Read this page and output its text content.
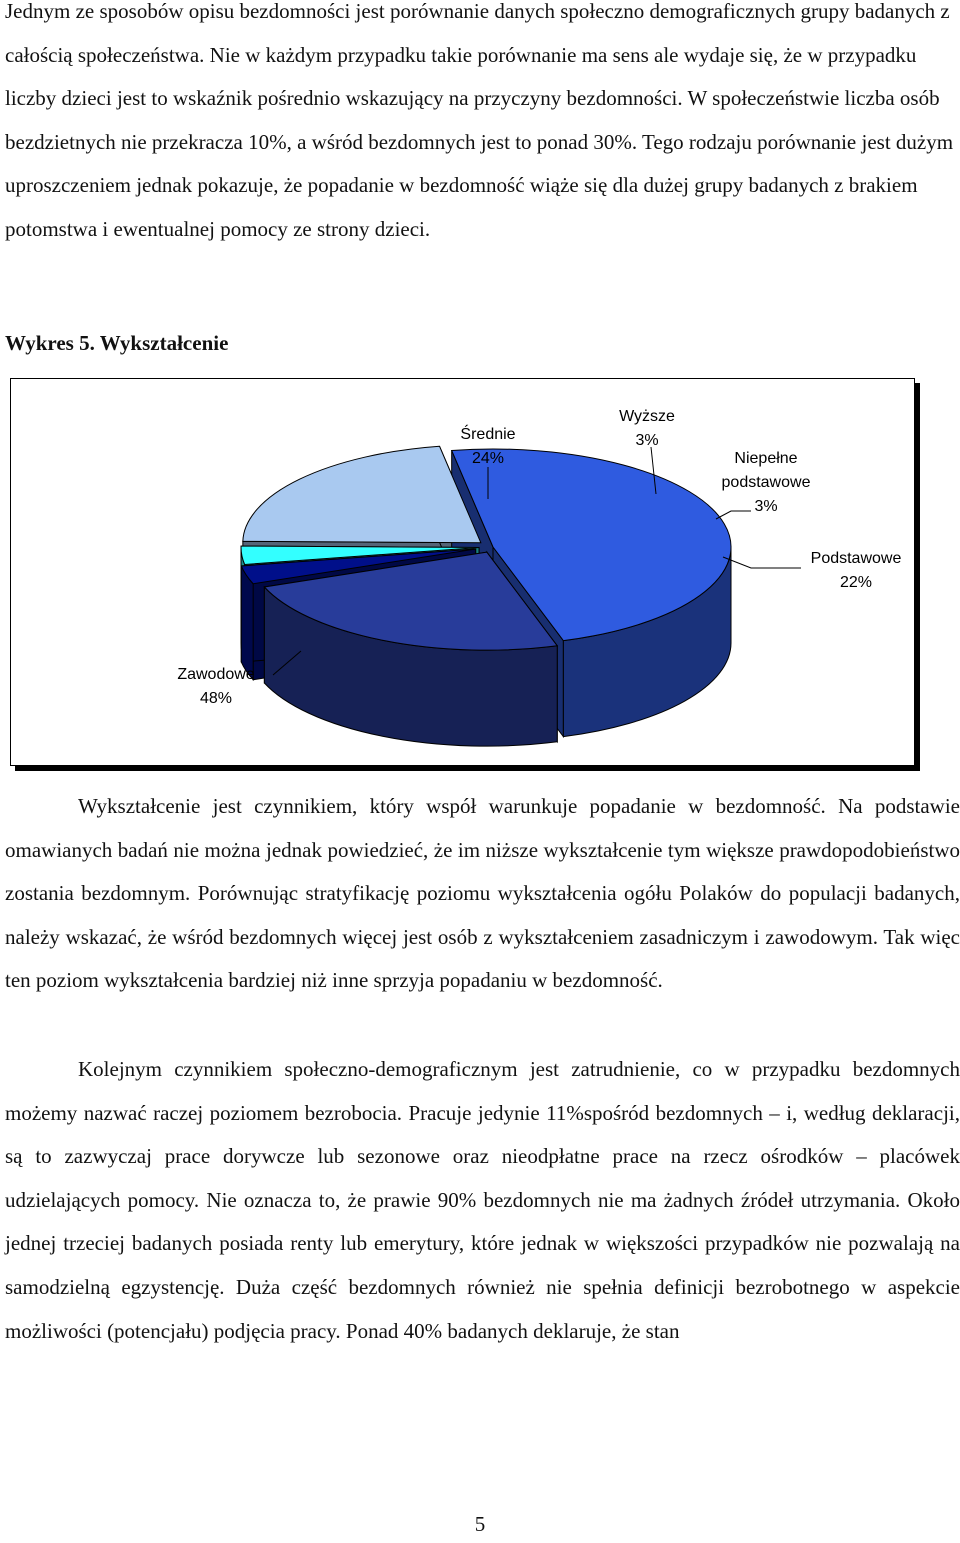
Jednym ze sposobów opisu bezdomności jest porównanie danych społeczno demograficznych grupy badanych z całością społeczeństwa. Nie w każdym przypadku takie porównanie ma sens ale wydaje się, że w przypadku liczby dzieci jest to wskaźnik pośrednio wskazujący na przyczyny bezdomności. W społeczeństwie liczba osób bezdzietnych nie przekracza 10%, a wśród bezdomnych jest to ponad 30%. Tego rodzaju porównanie jest dużym uproszczeniem jednak pokazuje, że popadanie w bezdomność wiąże się dla dużej grupy badanych z brakiem potomstwa i ewentualnej pomocy ze strony dzieci.

Wykres 5. Wykształcenie

Zawodowe 48%
Średnie 24%
Wyższe 3%
Niepełne podstawowe 3%
Podstawowe 22%

Wykształcenie jest czynnikiem, który współ warunkuje popadanie w bezdomność. Na podstawie omawianych badań nie można jednak powiedzieć, że im niższe wykształcenie tym większe prawdopodobieństwo zostania bezdomnym. Porównując stratyfikację poziomu wykształcenia ogółu Polaków do populacji badanych, należy wskazać, że wśród bezdomnych więcej jest osób z wykształceniem zasadniczym i zawodowym. Tak więc ten poziom wykształcenia bardziej niż inne sprzyja popadaniu w bezdomność.

Kolejnym czynnikiem społeczno-demograficznym jest zatrudnienie, co w przypadku bezdomnych możemy nazwać raczej poziomem bezrobocia. Pracuje jedynie 11%spośród bezdomnych – i, według deklaracji, są to zazwyczaj prace dorywcze lub sezonowe oraz nieodpłatne prace na rzecz ośrodków – placówek udzielających pomocy. Nie oznacza to, że prawie 90% bezdomnych nie ma żadnych źródeł utrzymania. Około jednej trzeciej badanych posiada renty lub emerytury, które jednak w większości przypadków nie pozwalają na samodzielną egzystencję. Duża część bezdomnych również nie spełnia definicji bezrobotnego w aspekcie możliwości (potencjału) podjęcia pracy. Ponad 40% badanych deklaruje, że stan

5
